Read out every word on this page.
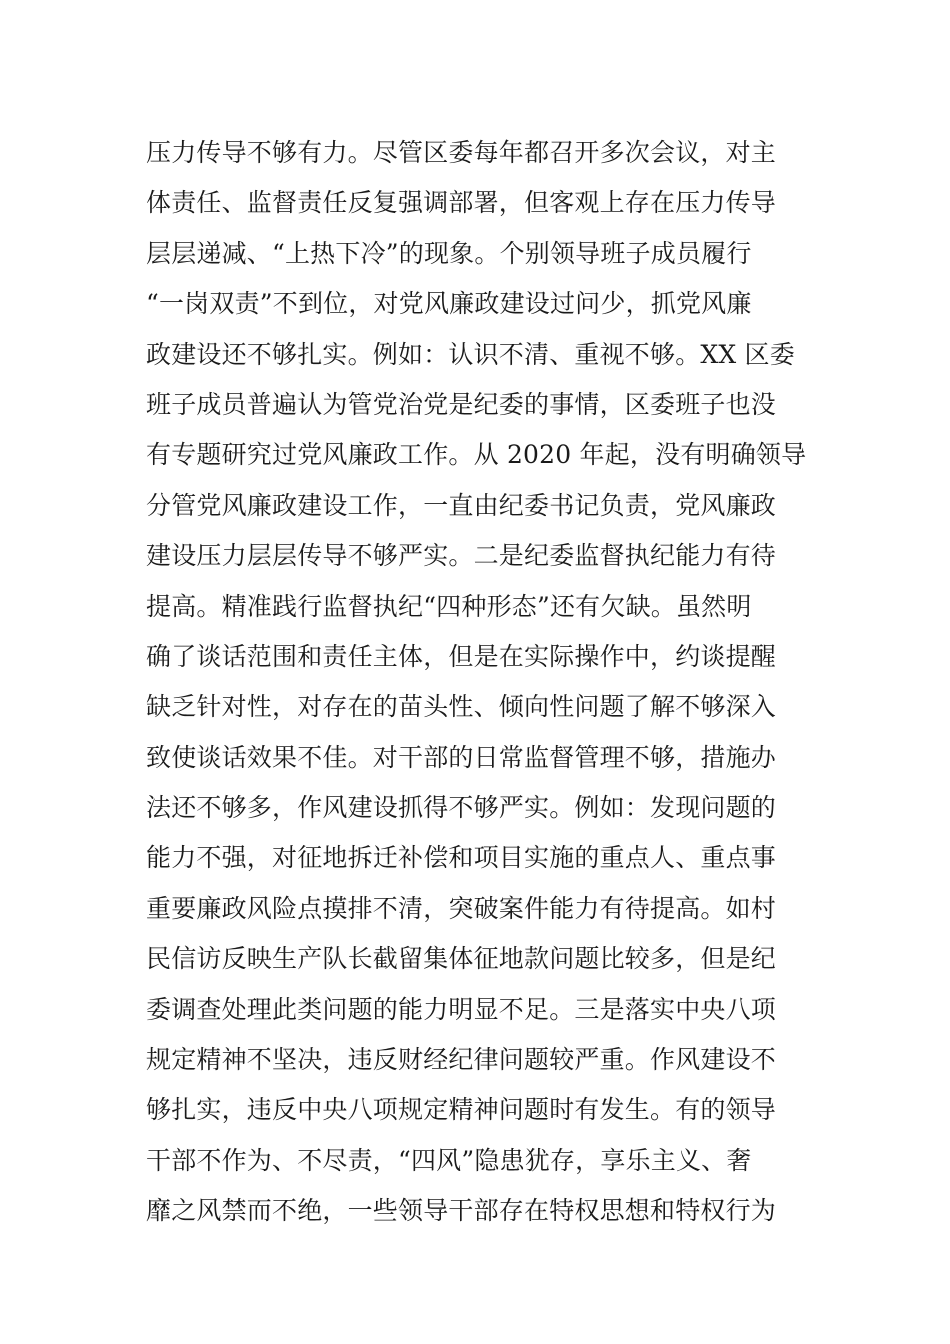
压力传导不够有力。尽管区委每年都召开多次会议，对主
体责任、监督责任反复强调部署，但客观上存在压力传导
层层递减、“上热下冷”的现象。个别领导班子成员履行
“一岗双责”不到位，对党风廉政建设过问少，抓党风廉
政建设还不够扎实。例如：认识不清、重视不够。XX 区委
班子成员普遍认为管党治党是纪委的事情，区委班子也没
有专题研究过党风廉政工作。从 2020 年起，没有明确领导
分管党风廉政建设工作，一直由纪委书记负责，党风廉政
建设压力层层传导不够严实。二是纪委监督执纪能力有待
提高。精准践行监督执纪“四种形态”还有欠缺。虽然明
确了谈话范围和责任主体，但是在实际操作中，约谈提醒
缺乏针对性，对存在的苗头性、倾向性问题了解不够深入
致使谈话效果不佳。对干部的日常监督管理不够，措施办
法还不够多，作风建设抓得不够严实。例如：发现问题的
能力不强，对征地拆迁补偿和项目实施的重点人、重点事
重要廉政风险点摸排不清，突破案件能力有待提高。如村
民信访反映生产队长截留集体征地款问题比较多，但是纪
委调查处理此类问题的能力明显不足。三是落实中央八项
规定精神不坚决，违反财经纪律问题较严重。作风建设不
够扎实，违反中央八项规定精神问题时有发生。有的领导
干部不作为、不尽责，“四风”隐患犹存，享乐主义、奢
靡之风禁而不绝，一些领导干部存在特权思想和特权行为
